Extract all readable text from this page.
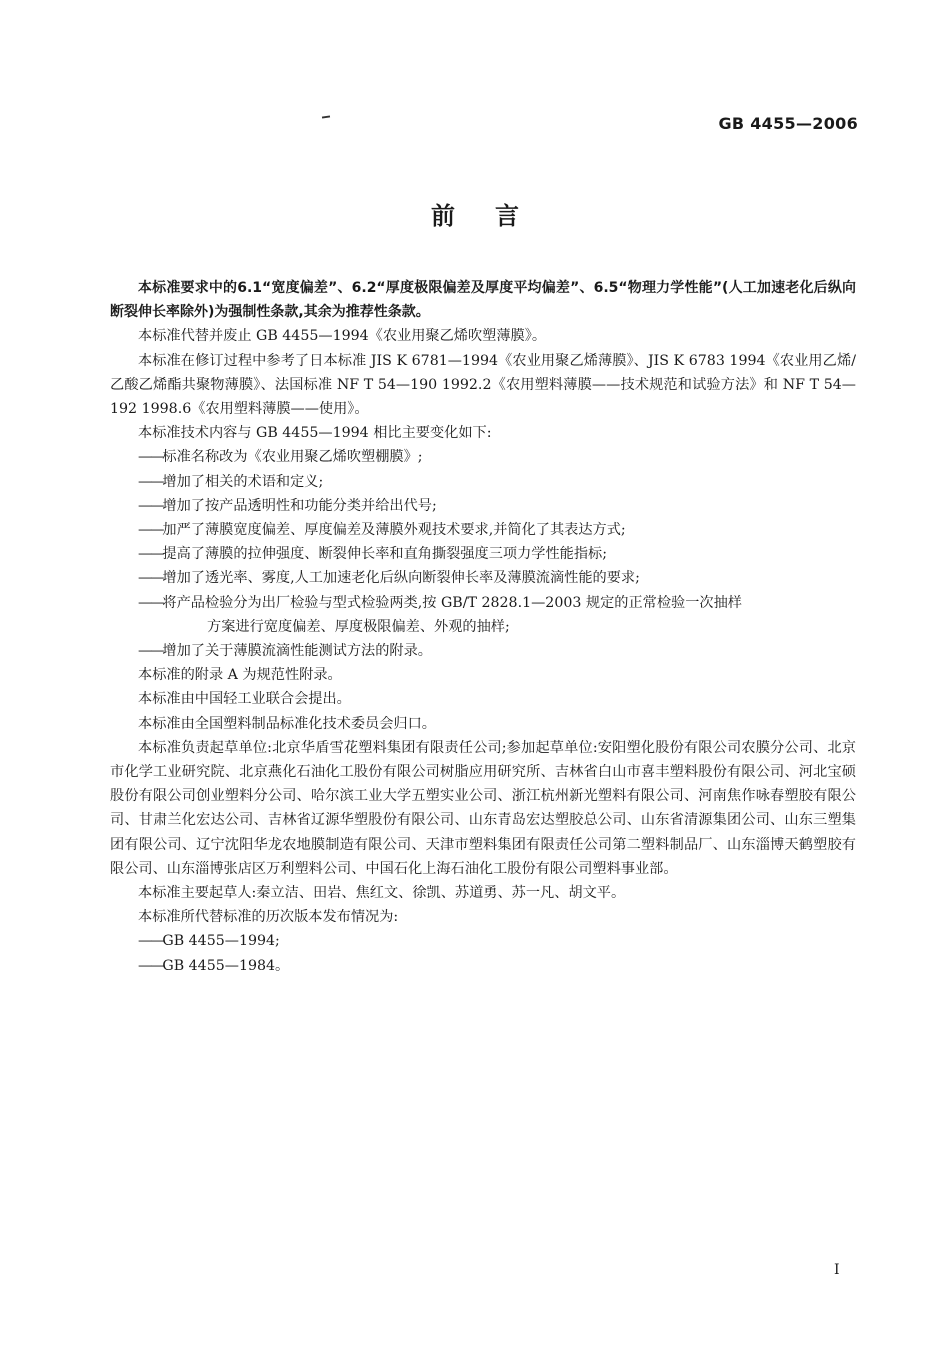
GB 4455—2006
前言

本标准要求中的6.1“宽度偏差”、6.2“厚度极限偏差及厚度平均偏差”、6.5“物理力学性能”(人工加速老化后纵向断裂伸长率除外)为强制性条款,其余为推荐性条款。

本标准代替并废止 GB 4455—1994《农业用聚乙烯吹塑薄膜》。

本标准在修订过程中参考了日本标准 JIS K 6781—1994《农业用聚乙烯薄膜》、JIS K 6783 1994《农业用乙烯/乙酸乙烯酯共聚物薄膜》、法国标准 NF T 54—190 1992.2《农用塑料薄膜——技术规范和试验方法》和 NF T 54—192 1998.6《农用塑料薄膜——使用》。

本标准技术内容与 GB 4455—1994 相比主要变化如下:

——标准名称改为《农业用聚乙烯吹塑棚膜》;

——增加了相关的术语和定义;

——增加了按产品透明性和功能分类并给出代号;

——加严了薄膜宽度偏差、厚度偏差及薄膜外观技术要求,并简化了其表达方式;

——提高了薄膜的拉伸强度、断裂伸长率和直角撕裂强度三项力学性能指标;

——增加了透光率、雾度,人工加速老化后纵向断裂伸长率及薄膜流滴性能的要求;

——将产品检验分为出厂检验与型式检验两类,按 GB/T 2828.1—2003 规定的正常检验一次抽样

方案进行宽度偏差、厚度极限偏差、外观的抽样;

——增加了关于薄膜流滴性能测试方法的附录。

本标准的附录 A 为规范性附录。

本标准由中国轻工业联合会提出。

本标准由全国塑料制品标准化技术委员会归口。

本标准负责起草单位:北京华盾雪花塑料集团有限责任公司;参加起草单位:安阳塑化股份有限公司农膜分公司、北京市化学工业研究院、北京燕化石油化工股份有限公司树脂应用研究所、吉林省白山市喜丰塑料股份有限公司、河北宝硕股份有限公司创业塑料分公司、哈尔滨工业大学五塑实业公司、浙江杭州新光塑料有限公司、河南焦作咏春塑胶有限公司、甘肃兰化宏达公司、吉林省辽源华塑股份有限公司、山东青岛宏达塑胶总公司、山东省清源集团公司、山东三塑集团有限公司、辽宁沈阳华龙农地膜制造有限公司、天津市塑料集团有限责任公司第二塑料制品厂、山东淄博天鹤塑胶有限公司、山东淄博张店区万利塑料公司、中国石化上海石油化工股份有限公司塑料事业部。

本标准主要起草人:秦立洁、田岩、焦红文、徐凯、苏道勇、苏一凡、胡文平。

本标准所代替标准的历次版本发布情况为:

——GB 4455—1994;

——GB 4455—1984。

I
